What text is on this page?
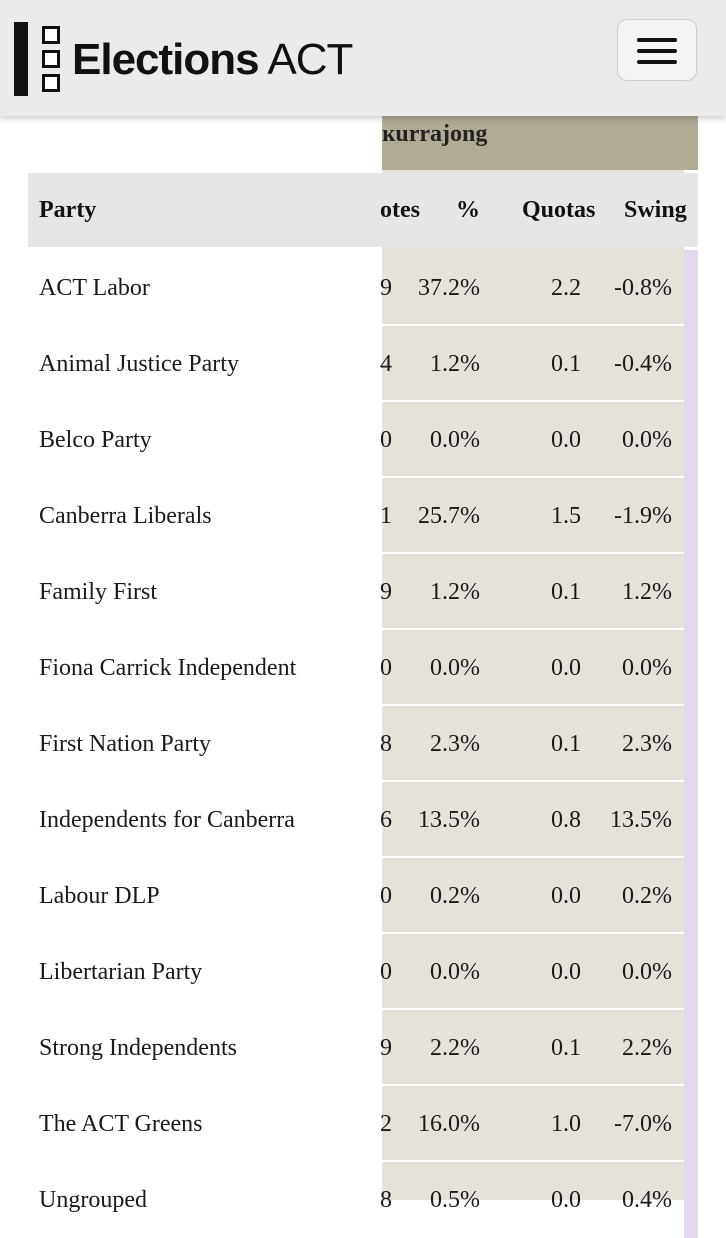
Elections ACT
ĸurrajong
Party	otes % Quotas Swing
ACT Labor	9 37.2%	2.2 -0.8%
Animal Justice Party	4 1.2%	0.1 -0.4%
Belco Party	0 0.0%	0.0 0.0%
Canberra Liberals	1 25.7%	1.5 -1.9%
Family First	9 1.2%	0.1 1.2%
Fiona Carrick Independent	0 0.0%	0.0 0.0%
First Nation Party	8 2.3%	0.1 2.3%
Independents for Canberra	6 13.5%	0.8 13.5%
Labour DLP	0 0.2%	0.0 0.2%
Libertarian Party	0 0.0%	0.0 0.0%
Strong Independents	9 2.2%	0.1 2.2%
The ACT Greens	2 16.0%	1.0 -7.0%
Ungrouped	8 0.5%	0.0 0.4%
